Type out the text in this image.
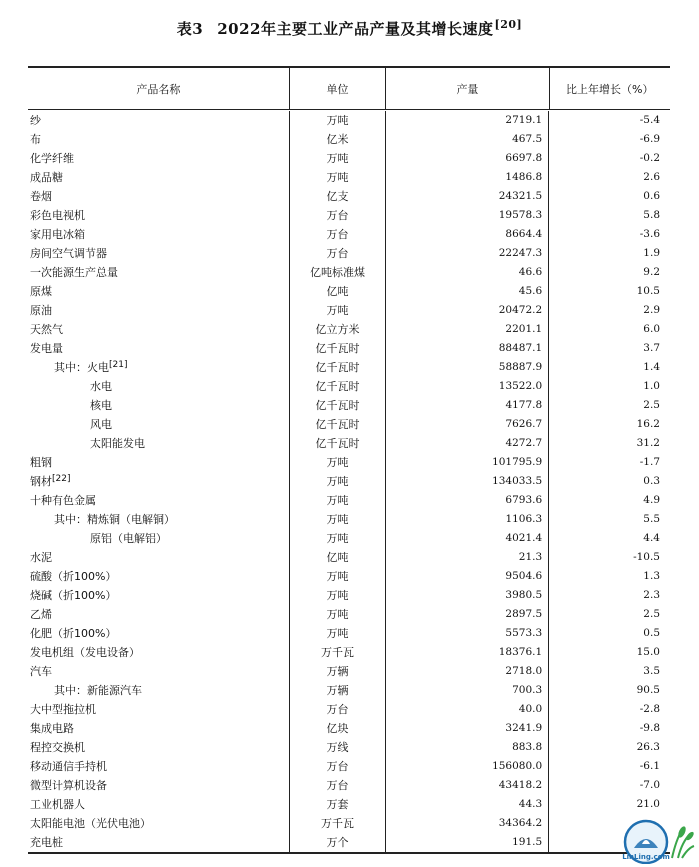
表3 2022年主要工业产品产量及其增长速度[20]
产品名称	单位	产量	比上年增长（%）
纱	万吨	2719.1	-5.4
布	亿米	467.5	-6.9
化学纤维	万吨	6697.8	-0.2
成品糖	万吨	1486.8	2.6
卷烟	亿支	24321.5	0.6
彩色电视机	万台	19578.3	5.8
家用电冰箱	万台	8664.4	-3.6
房间空气调节器	万台	22247.3	1.9
一次能源生产总量	亿吨标准煤	46.6	9.2
原煤	亿吨	45.6	10.5
原油	万吨	20472.2	2.9
天然气	亿立方米	2201.1	6.0
发电量	亿千瓦时	88487.1	3.7
其中：火电[21]	亿千瓦时	58887.9	1.4
水电	亿千瓦时	13522.0	1.0
核电	亿千瓦时	4177.8	2.5
风电	亿千瓦时	7626.7	16.2
太阳能发电	亿千瓦时	4272.7	31.2
粗钢	万吨	101795.9	-1.7
钢材[22]	万吨	134033.5	0.3
十种有色金属	万吨	6793.6	4.9
其中：精炼铜（电解铜）	万吨	1106.3	5.5
原铝（电解铝）	万吨	4021.4	4.4
水泥	亿吨	21.3	-10.5
硫酸（折100%）	万吨	9504.6	1.3
烧碱（折100%）	万吨	3980.5	2.3
乙烯	万吨	2897.5	2.5
化肥（折100%）	万吨	5573.3	0.5
发电机组（发电设备）	万千瓦	18376.1	15.0
汽车	万辆	2718.0	3.5
其中：新能源汽车	万辆	700.3	90.5
大中型拖拉机	万台	40.0	-2.8
集成电路	亿块	3241.9	-9.8
程控交换机	万线	883.8	26.3
移动通信手持机	万台	156080.0	-6.1
微型计算机设备	万台	43418.2	-7.0
工业机器人	万套	44.3	21.0
太阳能电池（光伏电池）	万千瓦	34364.2
充电桩	万个	191.5
LinLing.com
